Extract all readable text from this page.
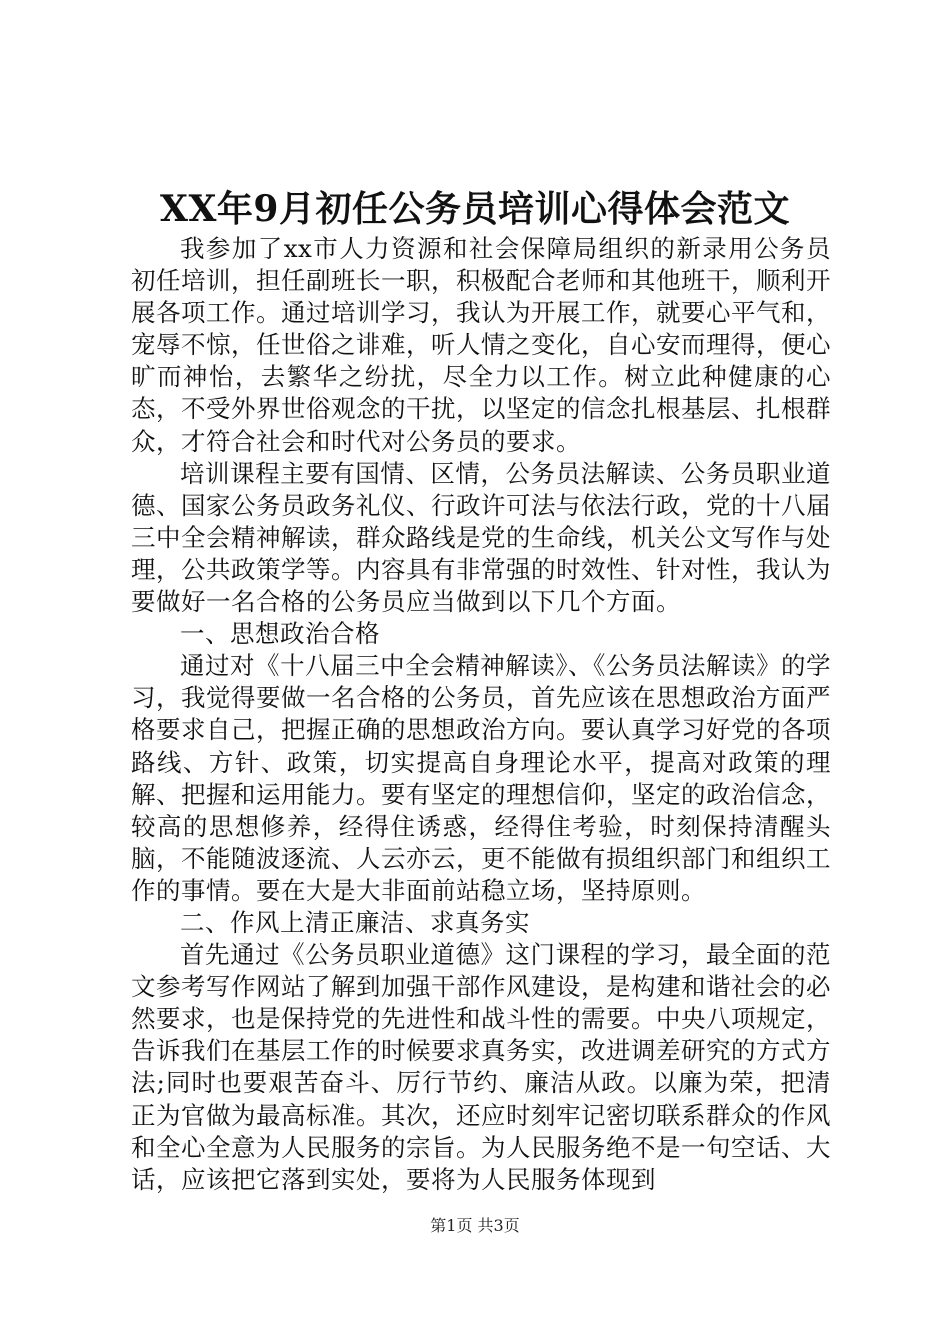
XX年9月初任公务员培训心得体会范文

我参加了xx市人力资源和社会保障局组织的新录用公务员初任培训，担任副班长一职，积极配合老师和其他班干，顺利开展各项工作。通过培训学习，我认为开展工作，就要心平气和，宠辱不惊，任世俗之诽难，听人情之变化，自心安而理得，便心旷而神怡，去繁华之纷扰，尽全力以工作。树立此种健康的心态，不受外界世俗观念的干扰，以坚定的信念扎根基层、扎根群众，才符合社会和时代对公务员的要求。

培训课程主要有国情、区情，公务员法解读、公务员职业道德、国家公务员政务礼仪、行政许可法与依法行政，党的十八届三中全会精神解读，群众路线是党的生命线，机关公文写作与处理，公共政策学等。内容具有非常强的时效性、针对性，我认为要做好一名合格的公务员应当做到以下几个方面。

一、思想政治合格

通过对《十八届三中全会精神解读》、《公务员法解读》的学习，我觉得要做一名合格的公务员，首先应该在思想政治方面严格要求自己，把握正确的思想政治方向。要认真学习好党的各项路线、方针、政策，切实提高自身理论水平，提高对政策的理解、把握和运用能力。要有坚定的理想信仰，坚定的政治信念，较高的思想修养，经得住诱惑，经得住考验，时刻保持清醒头脑，不能随波逐流、人云亦云，更不能做有损组织部门和组织工作的事情。要在大是大非面前站稳立场，坚持原则。

二、作风上清正廉洁、求真务实

首先通过《公务员职业道德》这门课程的学习，最全面的范文参考写作网站了解到加强干部作风建设，是构建和谐社会的必然要求，也是保持党的先进性和战斗性的需要。中央八项规定，告诉我们在基层工作的时候要求真务实，改进调差研究的方式方法;同时也要艰苦奋斗、厉行节约、廉洁从政。以廉为荣，把清正为官做为最高标准。其次，还应时刻牢记密切联系群众的作风和全心全意为人民服务的宗旨。为人民服务绝不是一句空话、大话，应该把它落到实处，要将为人民服务体现到

第1页 共3页
